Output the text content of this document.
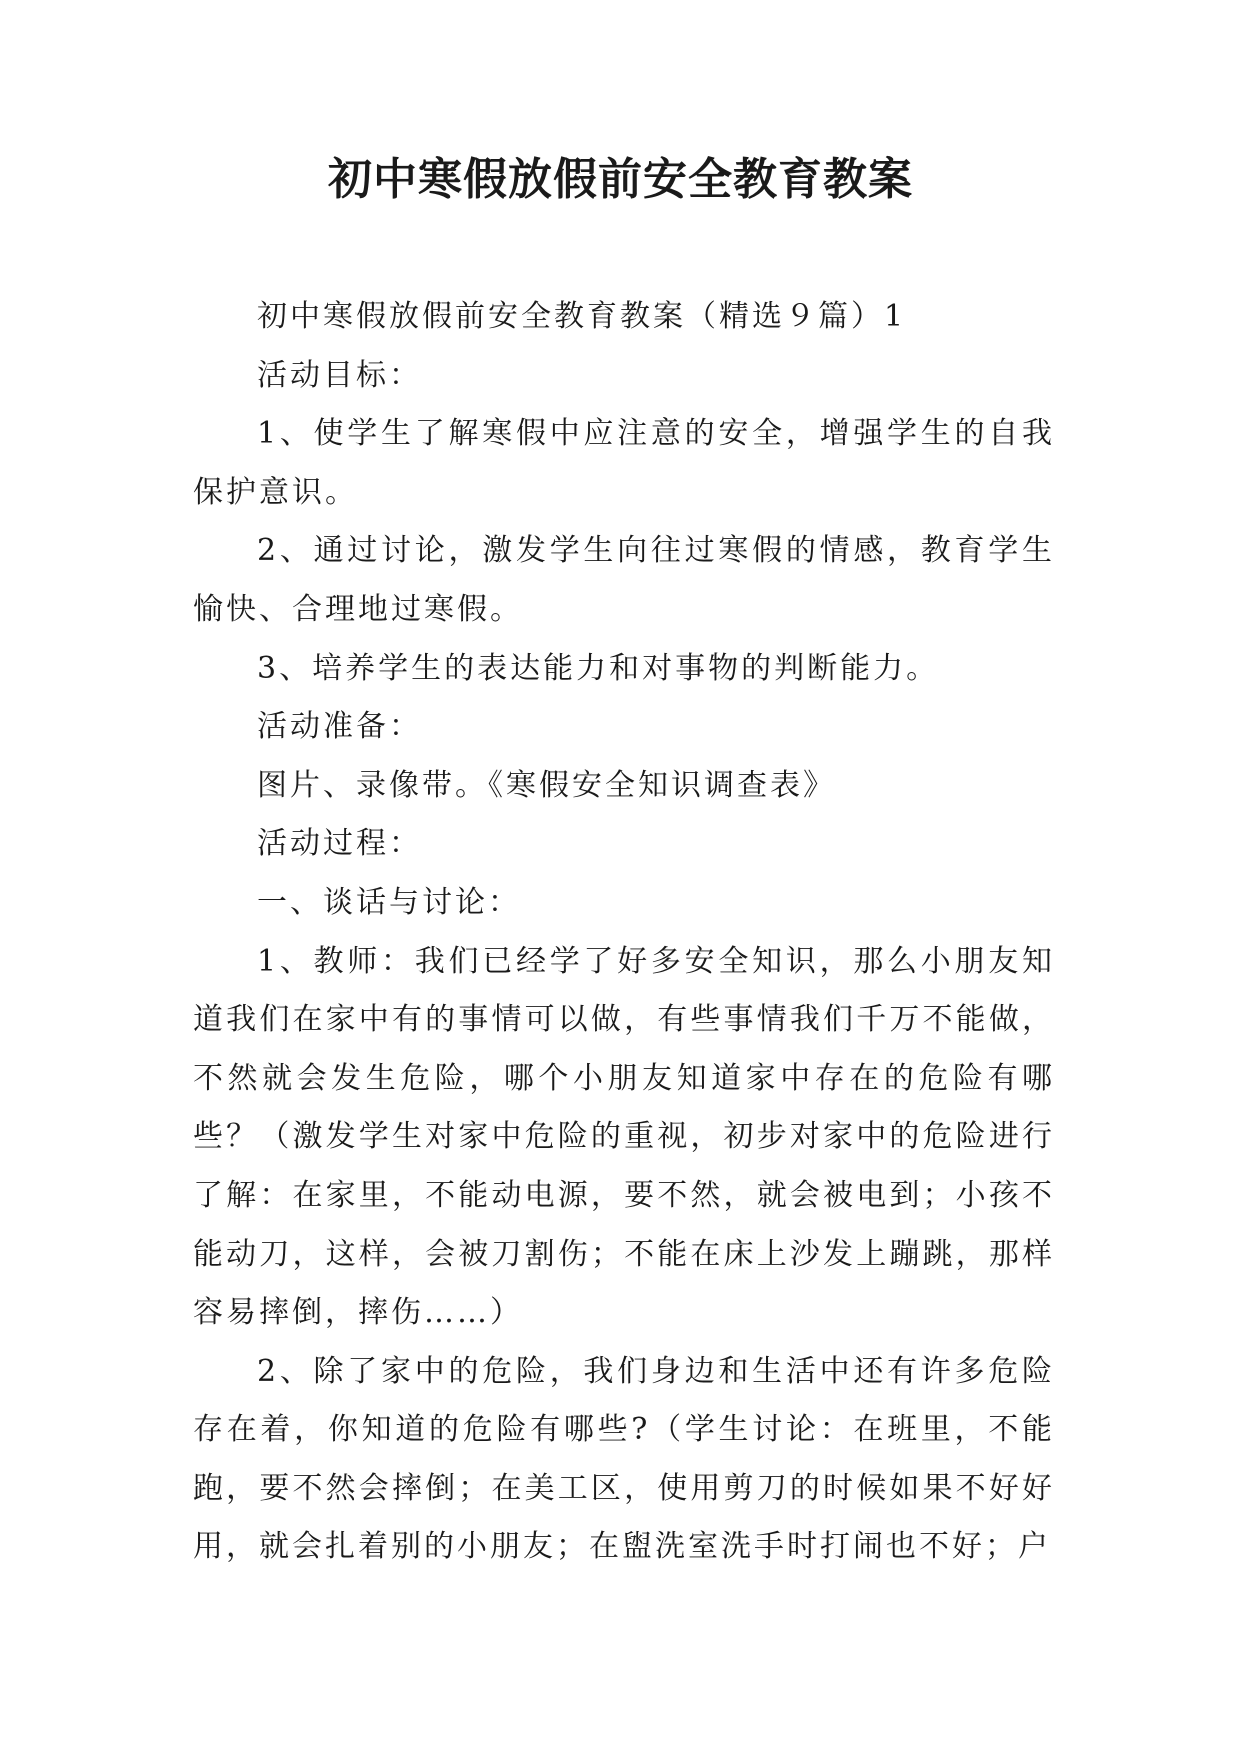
初中寒假放假前安全教育教案

初中寒假放假前安全教育教案（精选９篇）1

活动目标：

1、使学生了解寒假中应注意的安全，增强学生的自我保护意识。

2、通过讨论，激发学生向往过寒假的情感，教育学生愉快、合理地过寒假。

3、培养学生的表达能力和对事物的判断能力。

活动准备：

图片、录像带。《寒假安全知识调查表》

活动过程：

一、谈话与讨论：

1、教师：我们已经学了好多安全知识，那么小朋友知道我们在家中有的事情可以做，有些事情我们千万不能做，不然就会发生危险，哪个小朋友知道家中存在的危险有哪些？（激发学生对家中危险的重视，初步对家中的危险进行了解：在家里，不能动电源，要不然，就会被电到；小孩不能动刀，这样，会被刀割伤；不能在床上沙发上蹦跳，那样容易摔倒，摔伤……）

2、除了家中的危险，我们身边和生活中还有许多危险存在着，你知道的危险有哪些?（学生讨论：在班里，不能跑，要不然会摔倒；在美工区，使用剪刀的时候如果不好好用，就会扎着别的小朋友；在盥洗室洗手时打闹也不好；户
